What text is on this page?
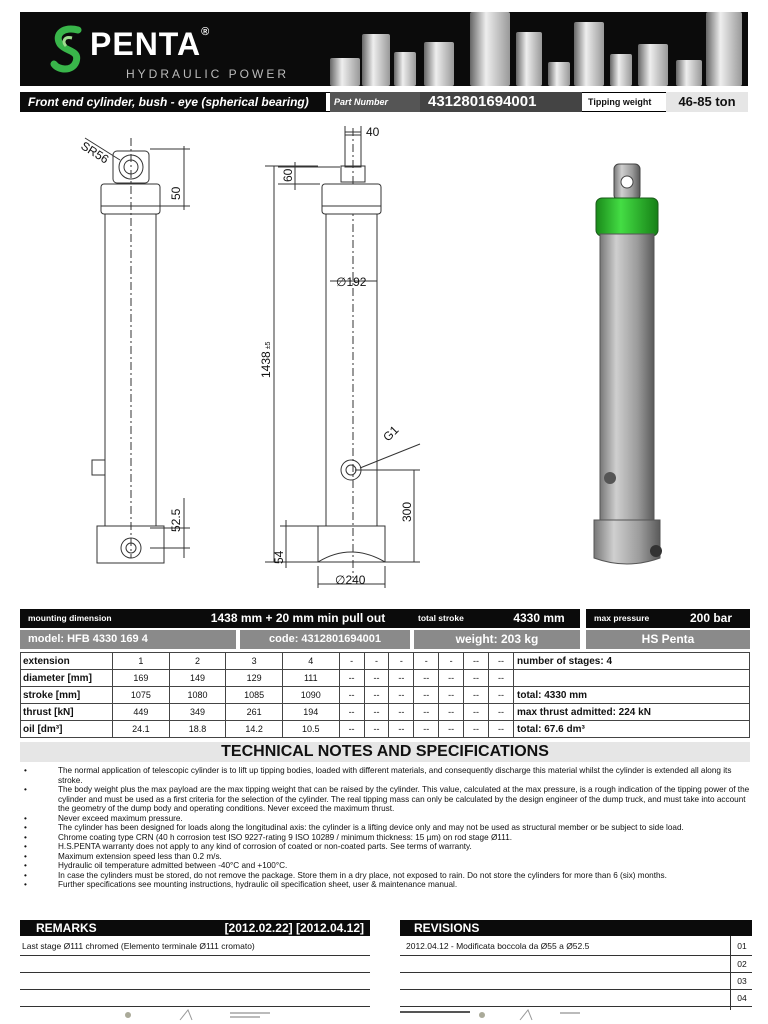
PENTA®
HYDRAULIC POWER
Front end cylinder, bush - eye (spherical bearing)	Part Number	4312801694001	Tipping weight	46-85 ton
SR56
50
52.5
40
60
∅192
1438±5
G1
300
54
∅240
mounting dimension	1438 mm + 20 mm min pull out	total stroke	4330 mm	max pressure	200 bar
model: HFB 4330 169 4	code: 4312801694001	weight: 203 kg	HS Penta
extension	1	2	3	4	-	-	-	-	-	--	--	number of stages: 4
diameter [mm]	169	149	129	111	--	--	--	--	--	--	--	
stroke [mm]	1075	1080	1085	1090	--	--	--	--	--	--	--	total: 4330 mm
thrust [kN]	449	349	261	194	--	--	--	--	--	--	--	max thrust admitted: 224 kN
oil [dm³]	24.1	18.8	14.2	10.5	--	--	--	--	--	--	--	total: 67.6 dm³
TECHNICAL NOTES AND SPECIFICATIONS
• The normal application of telescopic cylinder is to lift up tipping bodies, loaded with different materials, and consequently discharge this material whilst the cylinder is extended all along its stroke.
• The body weight plus the max payload are the max tipping weight that can be raised by the cylinder. This value, calculated at the max pressure, is a rough indication of the tipping power of the cylinder and must be used as a first criteria for the selection of the cylinder. The real tipping mass can only be calculated by the design engineer of the dump truck, and must take into account the geometry of the dump body and operating conditions. Never exceed the maximum thrust.
• Never exceed maximum pressure.
• The cylinder has been designed for loads along the longitudinal axis: the cylinder is a lifting device only and may not be used as structural member or be subject to side load.
• Chrome coating type CRN (40 h corrosion test ISO 9227-rating 9 ISO 10289 / minimum thickness: 15 µm) on rod stage Ø111.
• H.S.PENTA warranty does not apply to any kind of corrosion of coated or non-coated parts. See terms of warranty.
• Maximum extension speed less than 0.2 m/s.
• Hydraulic oil temperature admitted between -40°C and +100°C.
• In case the cylinders must be stored, do not remove the package. Store them in a dry place, not exposed to rain. Do not store the cylinders for more than 6 (six) months.
• Further specifications see mounting instructions, hydraulic oil specification sheet, user & maintenance manual.
REMARKS	[2012.02.22] [2012.04.12]
Last stage Ø111 chromed (Elemento terminale Ø111 cromato)
REVISIONS
2012.04.12 - Modificata boccola da Ø55 a Ø52.5	01
02
03
04
